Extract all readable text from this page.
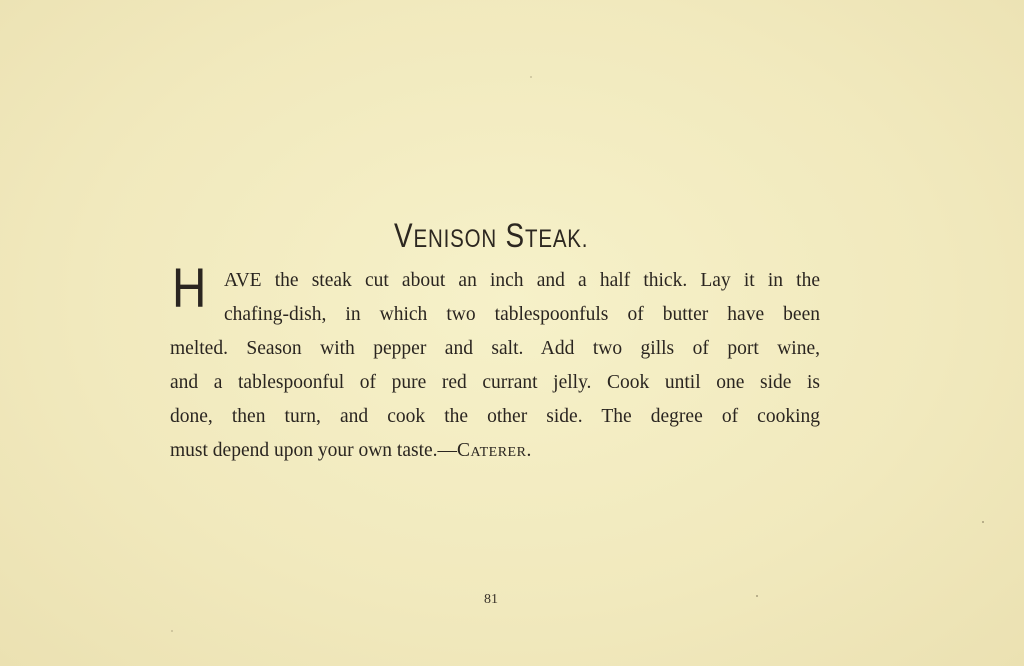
VENISON STEAK.
H AVE the steak cut about an inch and a half thick. Lay it in the
chafing-dish, in which two tablespoonfuls of butter have been
melted. Season with pepper and salt. Add two gills of port wine,
and a tablespoonful of pure red currant jelly. Cook until one side is
done, then turn, and cook the other side. The degree of cooking
must depend upon your own taste.—Caterer.
81
